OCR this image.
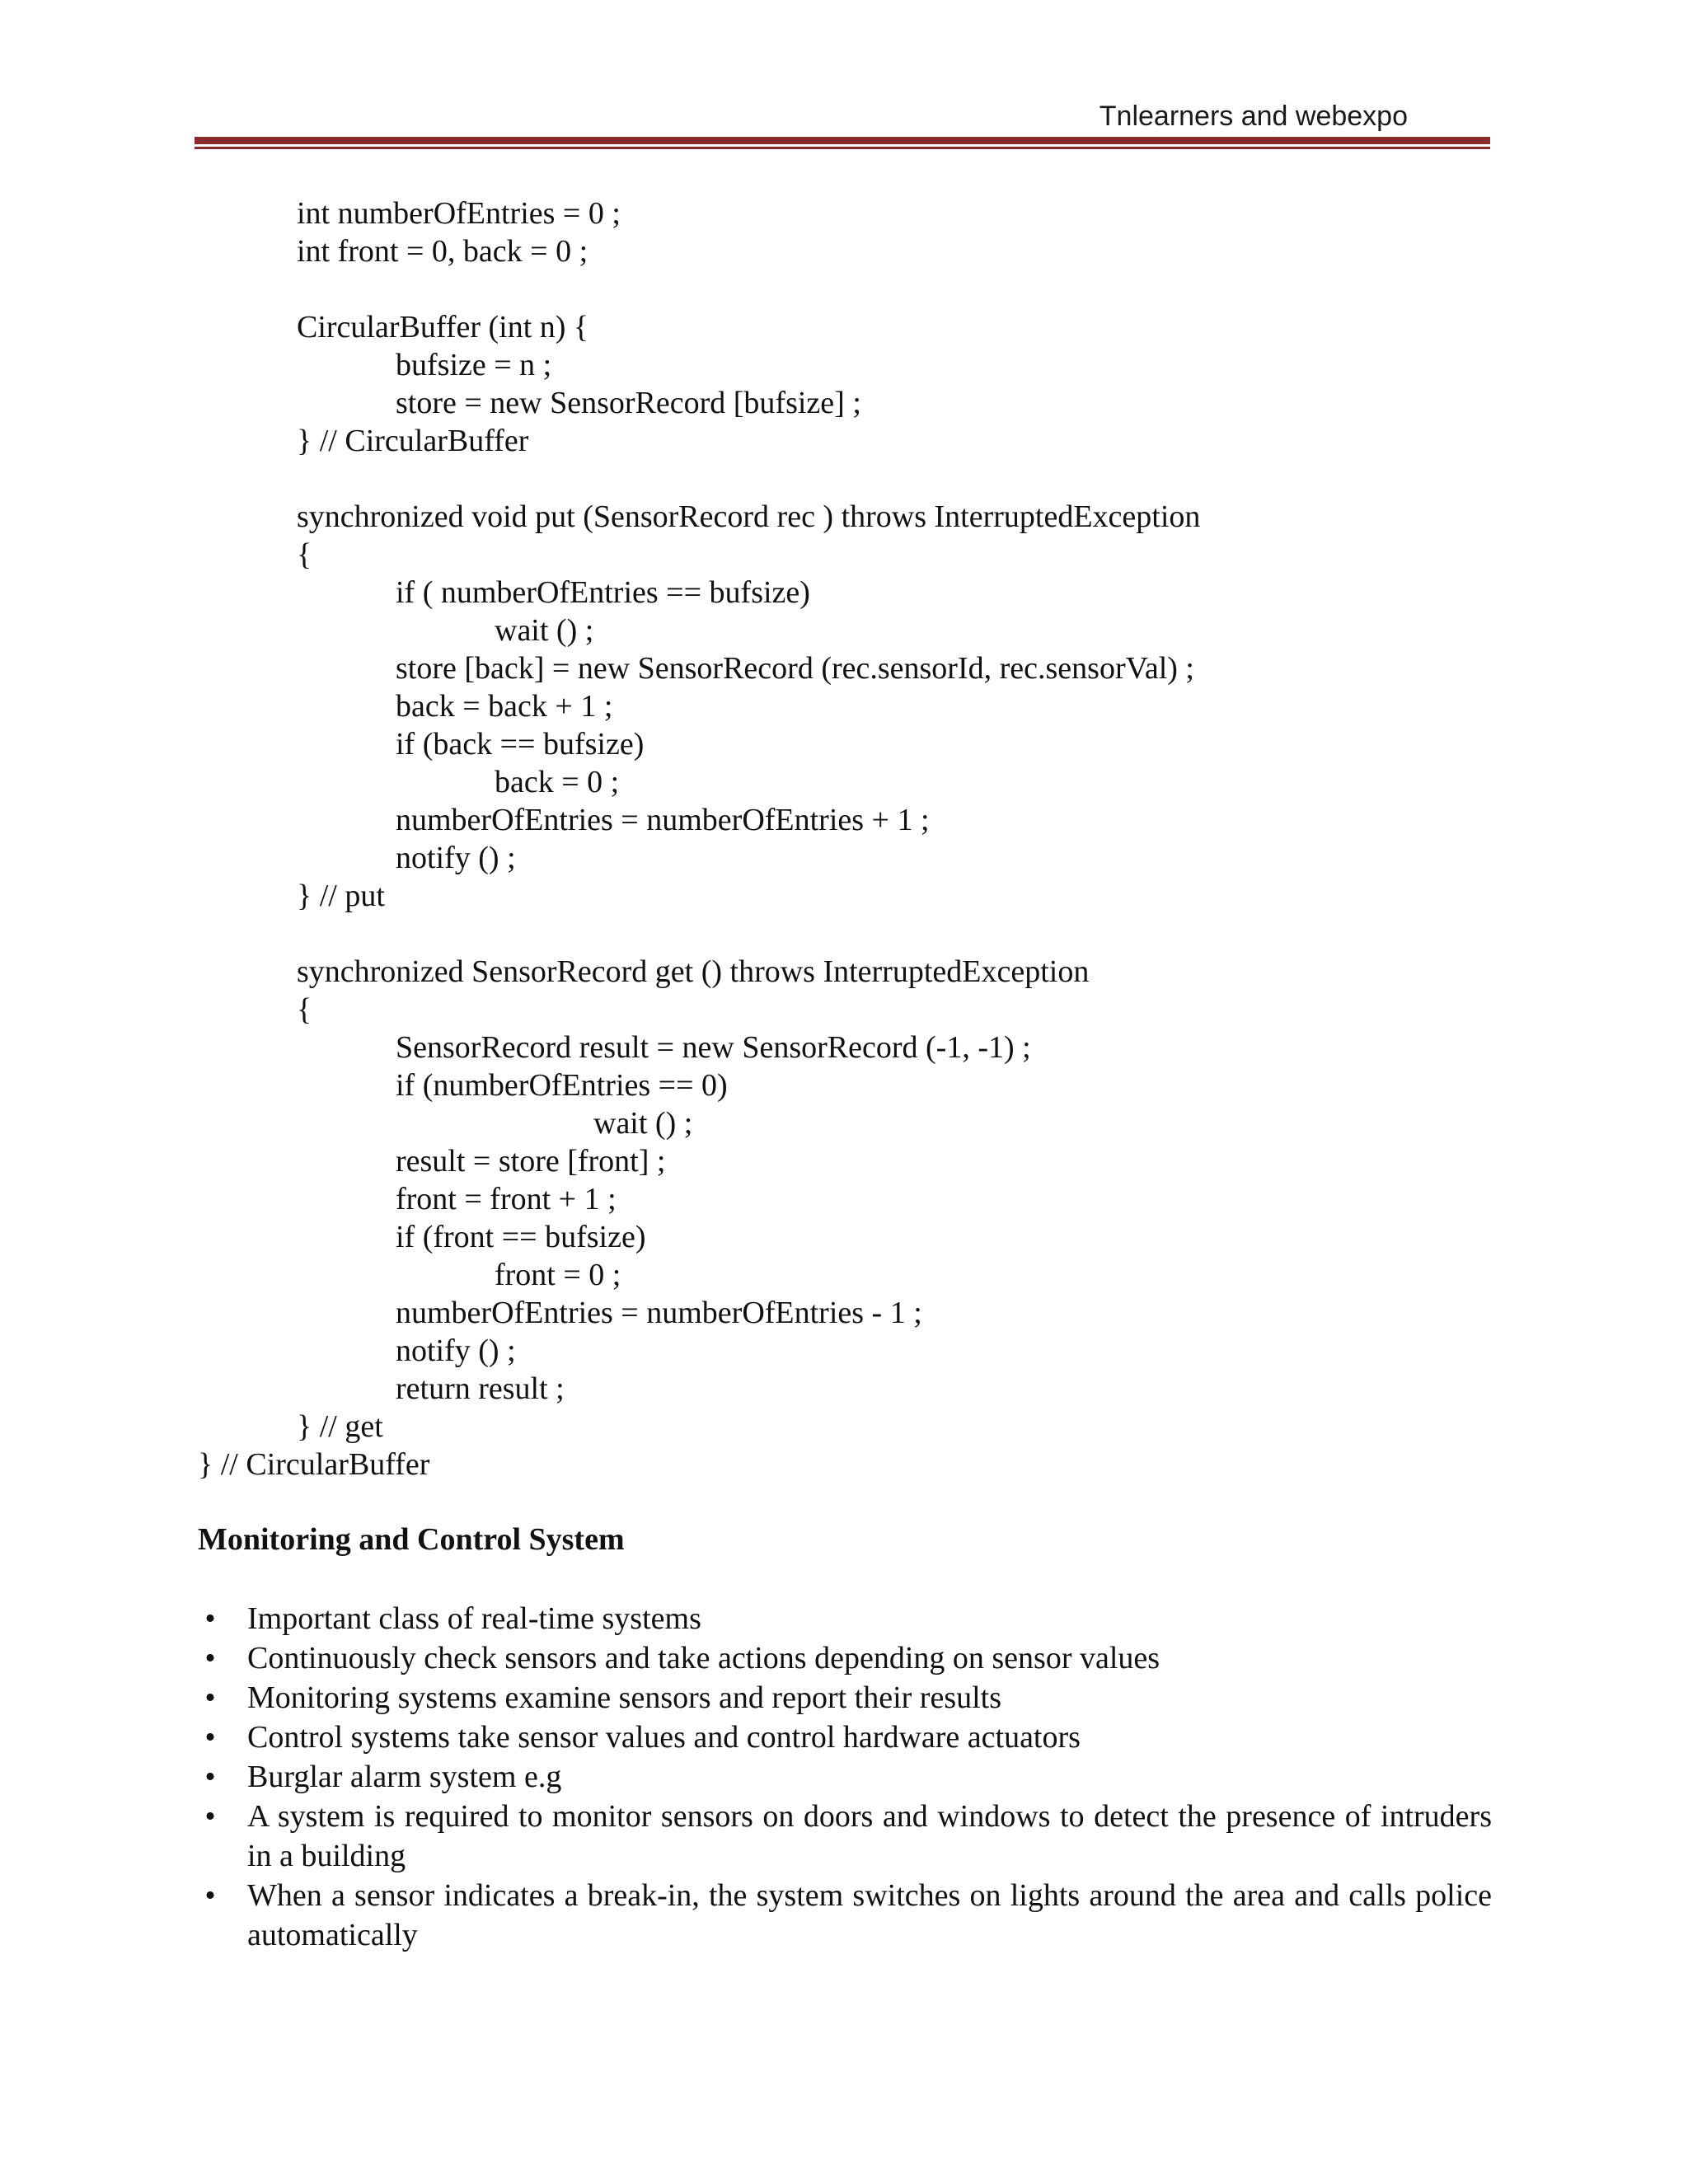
Tnlearners and webexpo
int numberOfEntries = 0 ;
int front = 0, back = 0 ;
CircularBuffer (int n) {
bufsize = n ;
store = new SensorRecord [bufsize] ;
} // CircularBuffer
synchronized void put (SensorRecord rec ) throws InterruptedException
{
if ( numberOfEntries == bufsize)
wait () ;
store [back] = new SensorRecord (rec.sensorId, rec.sensorVal) ;
back = back + 1 ;
if (back == bufsize)
back = 0 ;
numberOfEntries = numberOfEntries + 1 ;
notify () ;
} // put
synchronized SensorRecord get () throws InterruptedException
{
SensorRecord result = new SensorRecord (-1, -1) ;
if (numberOfEntries == 0)
wait () ;
result = store [front] ;
front = front + 1 ;
if (front == bufsize)
front = 0 ;
numberOfEntries = numberOfEntries - 1 ;
notify () ;
return result ;
} // get
} // CircularBuffer
Monitoring and Control System
• Important class of real-time systems
• Continuously check sensors and take actions depending on sensor values
• Monitoring systems examine sensors and report their results
• Control systems take sensor values and control hardware actuators
• Burglar alarm system e.g
• A system is required to monitor sensors on doors and windows to detect the presence of intruders in a building
• When a sensor indicates a break-in, the system switches on lights around the area and calls police automatically
